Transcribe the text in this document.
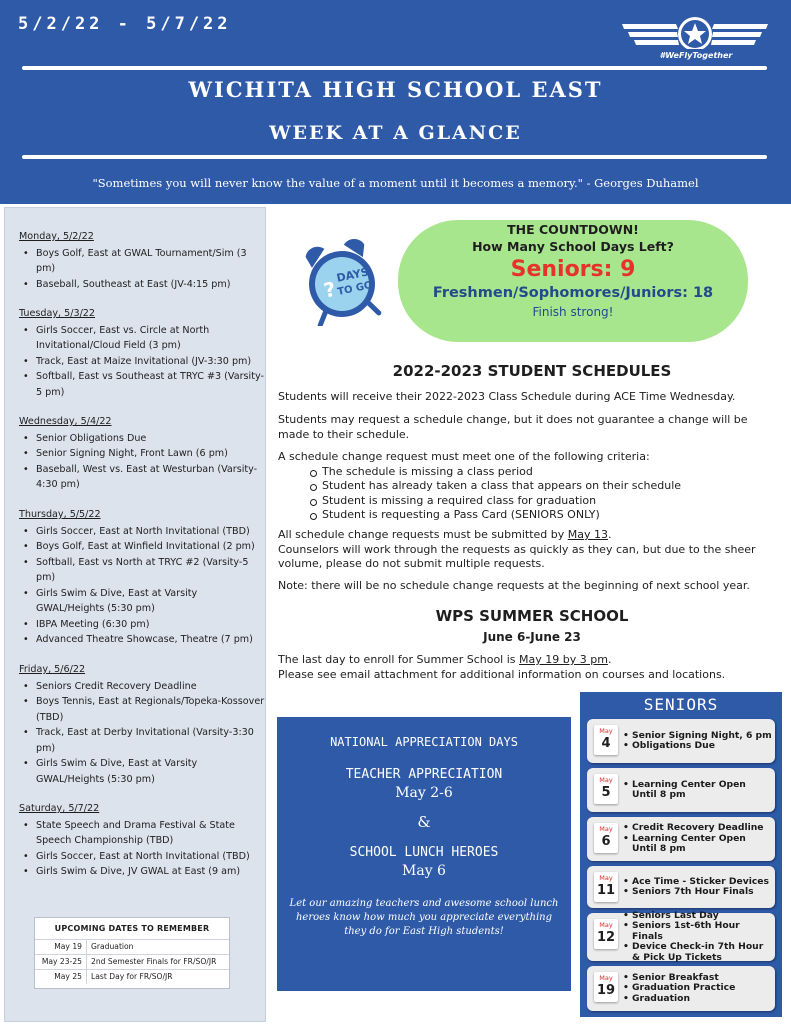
5/2/22 - 5/7/22
#WeFlyTogether
WICHITA HIGH SCHOOL EAST
WEEK AT A GLANCE
"Sometimes you will never know the value of a moment until it becomes a memory." - Georges Duhamel
Monday, 5/2/22
• Boys Golf, East at GWAL Tournament/Sim (3 pm)
• Baseball, Southeast at East (JV-4:15 pm)
Tuesday, 5/3/22
• Girls Soccer, East vs. Circle at North Invitational/Cloud Field (3 pm)
• Track, East at Maize Invitational (JV-3:30 pm)
• Softball, East vs Southeast at TRYC #3 (Varsity-5 pm)
Wednesday, 5/4/22
• Senior Obligations Due
• Senior Signing Night, Front Lawn (6 pm)
• Baseball, West vs. East at Westurban (Varsity-4:30 pm)
Thursday, 5/5/22
• Girls Soccer, East at North Invitational (TBD)
• Boys Golf, East at Winfield Invitational (2 pm)
• Softball, East vs North at TRYC #2 (Varsity-5 pm)
• Girls Swim & Dive, East at Varsity GWAL/Heights (5:30 pm)
• IBPA Meeting (6:30 pm)
• Advanced Theatre Showcase, Theatre (7 pm)
Friday, 5/6/22
• Seniors Credit Recovery Deadline
• Boys Tennis, East at Regionals/Topeka-Kossover (TBD)
• Track, East at Derby Invitational (Varsity-3:30 pm)
• Girls Swim & Dive, East at Varsity GWAL/Heights (5:30 pm)
Saturday, 5/7/22
• State Speech and Drama Festival & State Speech Championship (TBD)
• Girls Soccer, East at North Invitational (TBD)
• Girls Swim & Dive, JV GWAL at East (9 am)
UPCOMING DATES TO REMEMBER
May 19	Graduation
May 23-25	2nd Semester Finals for FR/SO/JR
May 25	Last Day for FR/SO/JR
?
DAYS
TO GO
THE COUNTDOWN!
How Many School Days Left?
Seniors: 9
Freshmen/Sophomores/Juniors: 18
Finish strong!
2022-2023 STUDENT SCHEDULES
Students will receive their 2022-2023 Class Schedule during ACE Time Wednesday.
Students may request a schedule change, but it does not guarantee a change will be made to their schedule.
A schedule change request must meet one of the following criteria:
The schedule is missing a class period
Student has already taken a class that appears on their schedule
Student is missing a required class for graduation
Student is requesting a Pass Card (SENIORS ONLY)
All schedule change requests must be submitted by May 13.
Counselors will work through the requests as quickly as they can, but due to the sheer volume, please do not submit multiple requests.
Note: there will be no schedule change requests at the beginning of next school year.
WPS SUMMER SCHOOL
June 6-June 23
The last day to enroll for Summer School is May 19 by 3 pm.
Please see email attachment for additional information on courses and locations.
NATIONAL APPRECIATION DAYS
TEACHER APPRECIATION
May 2-6
&
SCHOOL LUNCH HEROES
May 6
Let our amazing teachers and awesome school lunch heroes know how much you appreciate everything they do for East High students!
SENIORS
May
4
• Senior Signing Night, 6 pm
• Obligations Due
May
5
• Learning Center Open Until 8 pm
May
6
• Credit Recovery Deadline
• Learning Center Open Until 8 pm
May
11
• Ace Time - Sticker Devices
• Seniors 7th Hour Finals
May
12
• Seniors Last Day
• Seniors 1st-6th Hour Finals
• Device Check-in 7th Hour & Pick Up Tickets
May
19
• Senior Breakfast
• Graduation Practice
• Graduation
